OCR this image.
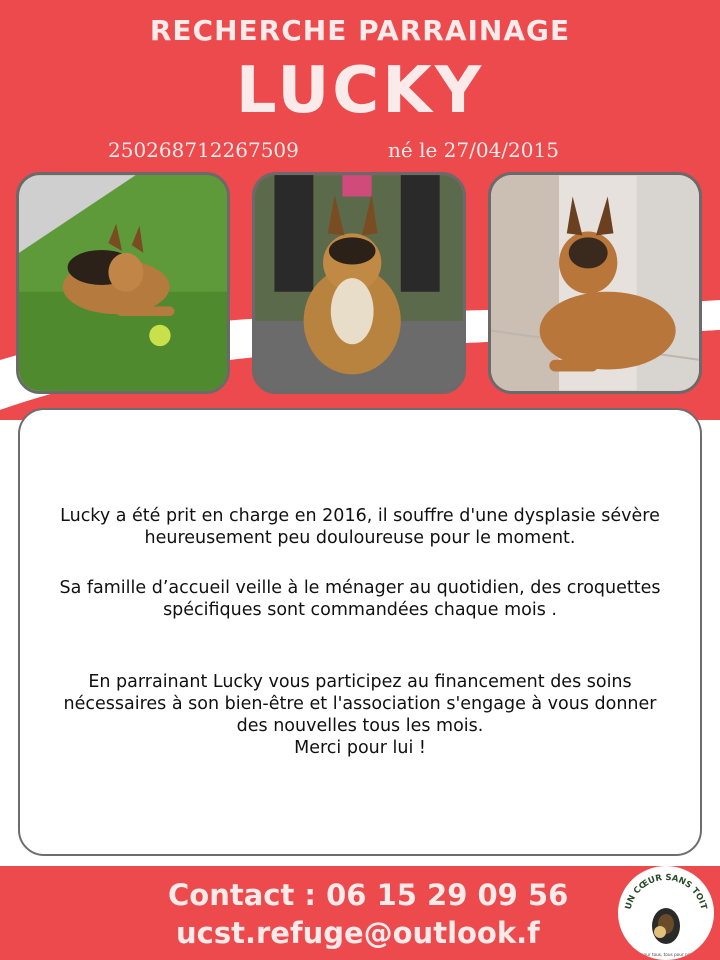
RECHERCHE PARRAINAGE
LUCKY
250268712267509	né le 27/04/2015

Lucky a été prit en charge en 2016, il souffre d'une dysplasie sévère

heureusement peu douloureuse pour le moment.

Sa famille d’accueil veille à le ménager au quotidien, des croquettes

spécifiques sont commandées chaque mois .

En parrainant Lucky vous participez au financement des soins

nécessaires à son bien-être et l'association s'engage à vous donner

des nouvelles tous les mois.

Merci pour lui !

Contact : 06 15 29 09 56
ucst.refuge@outlook.f
UN CŒUR SANS TOIT
Un pour tous, tous pour nous !
